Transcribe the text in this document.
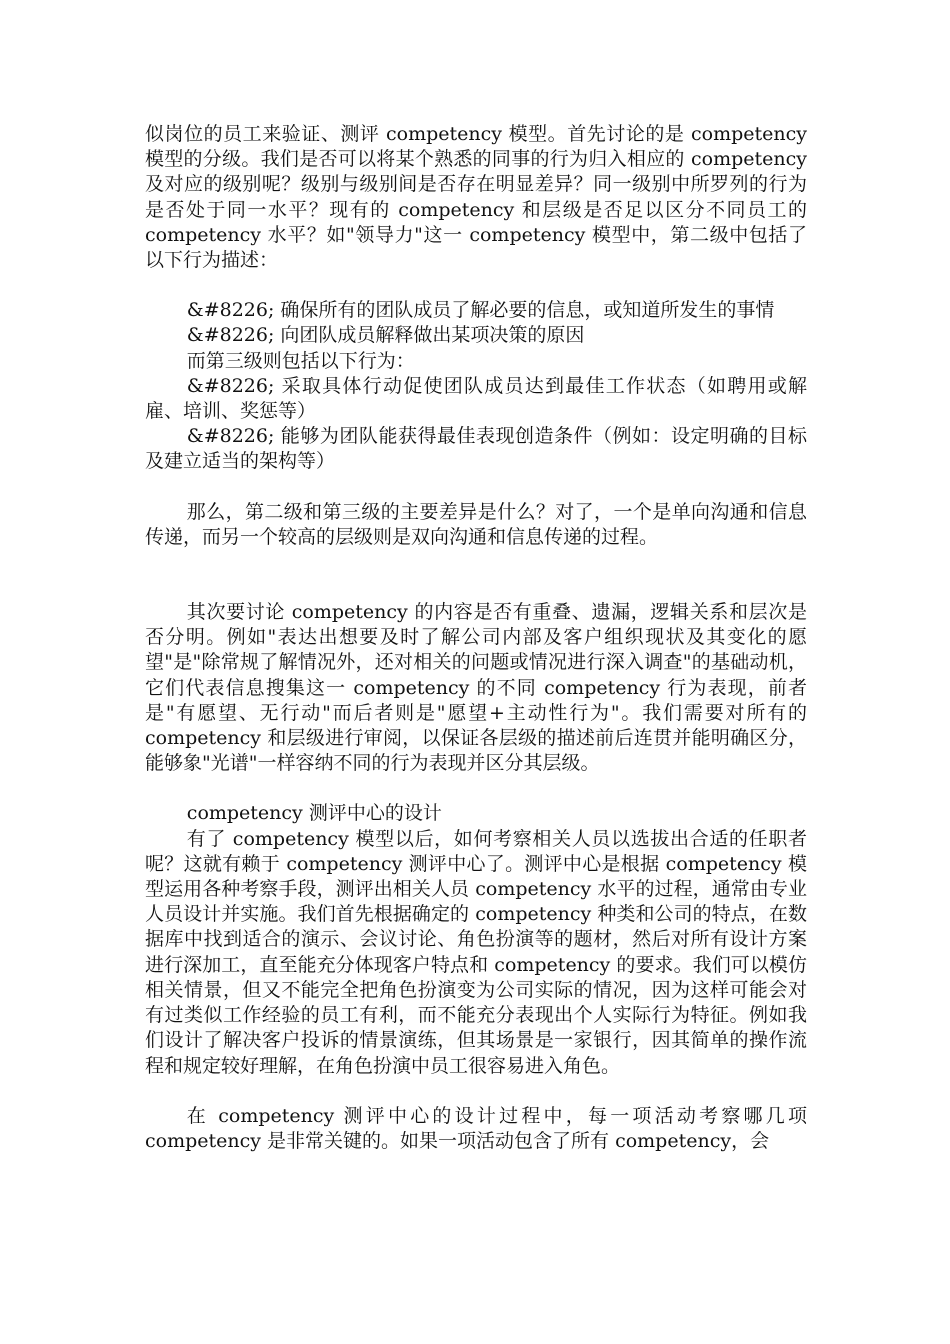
似岗位的员工来验证、测评 competency 模型。首先讨论的是 competency 模型的分级。我们是否可以将某个熟悉的同事的行为归入相应的 competency 及对应的级别呢？级别与级别间是否存在明显差异？同一级别中所罗列的行为是否处于同一水平？现有的 competency 和层级是否足以区分不同员工的 competency 水平？如"领导力"这一 competency 模型中，第二级中包括了以下行为描述：

&#8226; 确保所有的团队成员了解必要的信息，或知道所发生的事情

&#8226; 向团队成员解释做出某项决策的原因

而第三级则包括以下行为：

&#8226; 采取具体行动促使团队成员达到最佳工作状态（如聘用或解雇、培训、奖惩等）

&#8226; 能够为团队能获得最佳表现创造条件（例如：设定明确的目标及建立适当的架构等）

那么，第二级和第三级的主要差异是什么？对了，一个是单向沟通和信息传递，而另一个较高的层级则是双向沟通和信息传递的过程。

其次要讨论 competency 的内容是否有重叠、遗漏，逻辑关系和层次是否分明。例如"表达出想要及时了解公司内部及客户组织现状及其变化的愿望"是"除常规了解情况外，还对相关的问题或情况进行深入调查"的基础动机，它们代表信息搜集这一 competency 的不同 competency 行为表现，前者是"有愿望、无行动"而后者则是"愿望+主动性行为"。我们需要对所有的 competency 和层级进行审阅，以保证各层级的描述前后连贯并能明确区分，能够象"光谱"一样容纳不同的行为表现并区分其层级。

competency 测评中心的设计

有了 competency 模型以后，如何考察相关人员以选拔出合适的任职者呢？这就有赖于 competency 测评中心了。测评中心是根据 competency 模型运用各种考察手段，测评出相关人员 competency 水平的过程，通常由专业人员设计并实施。我们首先根据确定的 competency 种类和公司的特点，在数据库中找到适合的演示、会议讨论、角色扮演等的题材，然后对所有设计方案进行深加工，直至能充分体现客户特点和 competency 的要求。我们可以模仿相关情景，但又不能完全把角色扮演变为公司实际的情况，因为这样可能会对有过类似工作经验的员工有利，而不能充分表现出个人实际行为特征。例如我们设计了解决客户投诉的情景演练，但其场景是一家银行，因其简单的操作流程和规定较好理解，在角色扮演中员工很容易进入角色。

在 competency 测评中心的设计过程中，每一项活动考察哪几项 competency 是非常关键的。如果一项活动包含了所有 competency，会
